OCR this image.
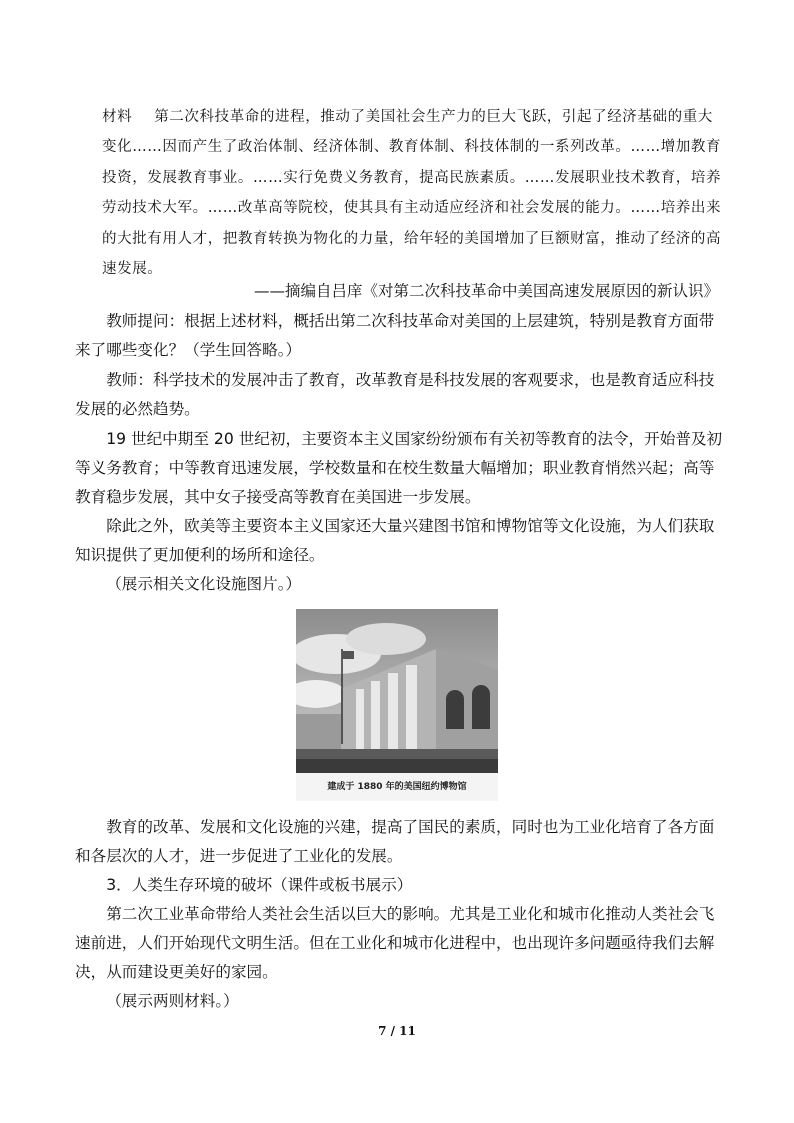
材料 第二次科技革命的进程，推动了美国社会生产力的巨大飞跃，引起了经济基础的重大变化……因而产生了政治体制、经济体制、教育体制、科技体制的一系列改革。……增加教育投资，发展教育事业。……实行免费义务教育，提高民族素质。……发展职业技术教育，培养劳动技术大军。……改革高等院校，使其具有主动适应经济和社会发展的能力。……培养出来的大批有用人才，把教育转换为物化的力量，给年轻的美国增加了巨额财富，推动了经济的高速发展。
——摘编自吕庠《对第二次科技革命中美国高速发展原因的新认识》
教师提问：根据上述材料，概括出第二次科技革命对美国的上层建筑，特别是教育方面带来了哪些变化？（学生回答略。）
教师：科学技术的发展冲击了教育，改革教育是科技发展的客观要求，也是教育适应科技发展的必然趋势。
19 世纪中期至 20 世纪初，主要资本主义国家纷纷颁布有关初等教育的法令，开始普及初等义务教育；中等教育迅速发展，学校数量和在校生数量大幅增加；职业教育悄然兴起；高等教育稳步发展，其中女子接受高等教育在美国进一步发展。
除此之外，欧美等主要资本主义国家还大量兴建图书馆和博物馆等文化设施，为人们获取知识提供了更加便利的场所和途径。
（展示相关文化设施图片。）
建成于 1880 年的美国纽约博物馆
教育的改革、发展和文化设施的兴建，提高了国民的素质，同时也为工业化培育了各方面和各层次的人才，进一步促进了工业化的发展。
3．人类生存环境的破坏（课件或板书展示）
第二次工业革命带给人类社会生活以巨大的影响。尤其是工业化和城市化推动人类社会飞速前进，人们开始现代文明生活。但在工业化和城市化进程中，也出现许多问题亟待我们去解决，从而建设更美好的家园。
（展示两则材料。）
7 / 11
